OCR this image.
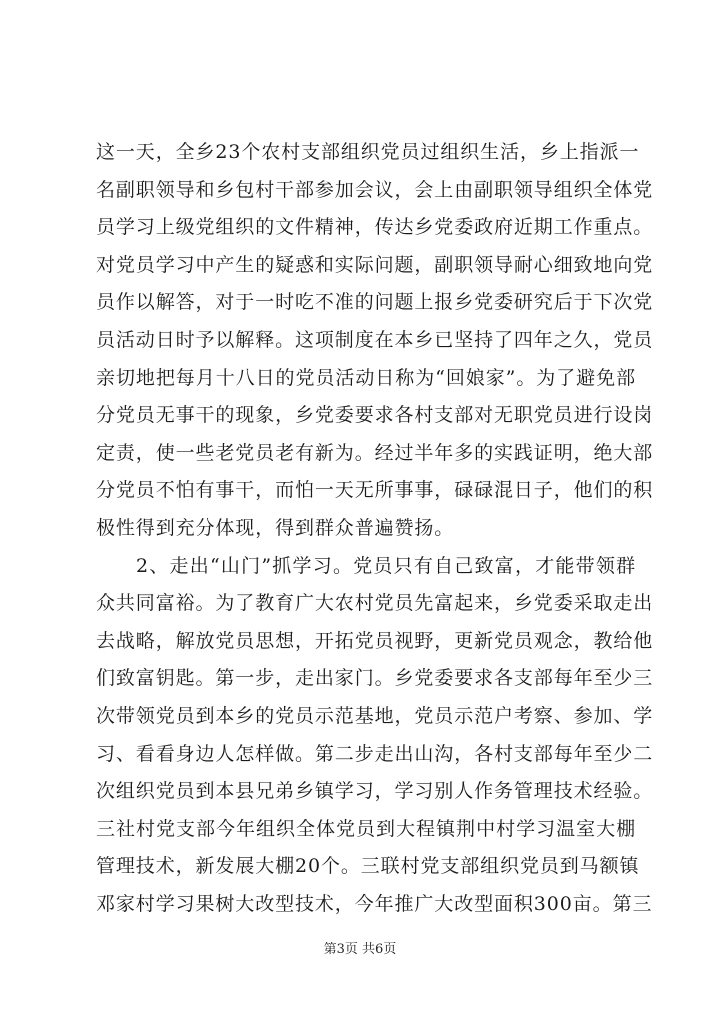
这一天，全乡23个农村支部组织党员过组织生活，乡上指派一
名副职领导和乡包村干部参加会议，会上由副职领导组织全体党
员学习上级党组织的文件精神，传达乡党委政府近期工作重点。
对党员学习中产生的疑惑和实际问题，副职领导耐心细致地向党
员作以解答，对于一时吃不准的问题上报乡党委研究后于下次党
员活动日时予以解释。这项制度在本乡已坚持了四年之久，党员
亲切地把每月十八日的党员活动日称为“回娘家”。为了避免部
分党员无事干的现象，乡党委要求各村支部对无职党员进行设岗
定责，使一些老党员老有新为。经过半年多的实践证明，绝大部
分党员不怕有事干，而怕一天无所事事，碌碌混日子，他们的积
极性得到充分体现，得到群众普遍赞扬。
2、走出“山门”抓学习。党员只有自己致富，才能带领群
众共同富裕。为了教育广大农村党员先富起来，乡党委采取走出
去战略，解放党员思想，开拓党员视野，更新党员观念，教给他
们致富钥匙。第一步，走出家门。乡党委要求各支部每年至少三
次带领党员到本乡的党员示范基地，党员示范户考察、参加、学
习、看看身边人怎样做。第二步走出山沟，各村支部每年至少二
次组织党员到本县兄弟乡镇学习，学习别人作务管理技术经验。
三社村党支部今年组织全体党员到大程镇荆中村学习温室大棚
管理技术，新发展大棚20个。三联村党支部组织党员到马额镇
邓家村学习果树大改型技术，今年推广大改型面积300亩。第三
第3页 共6页
